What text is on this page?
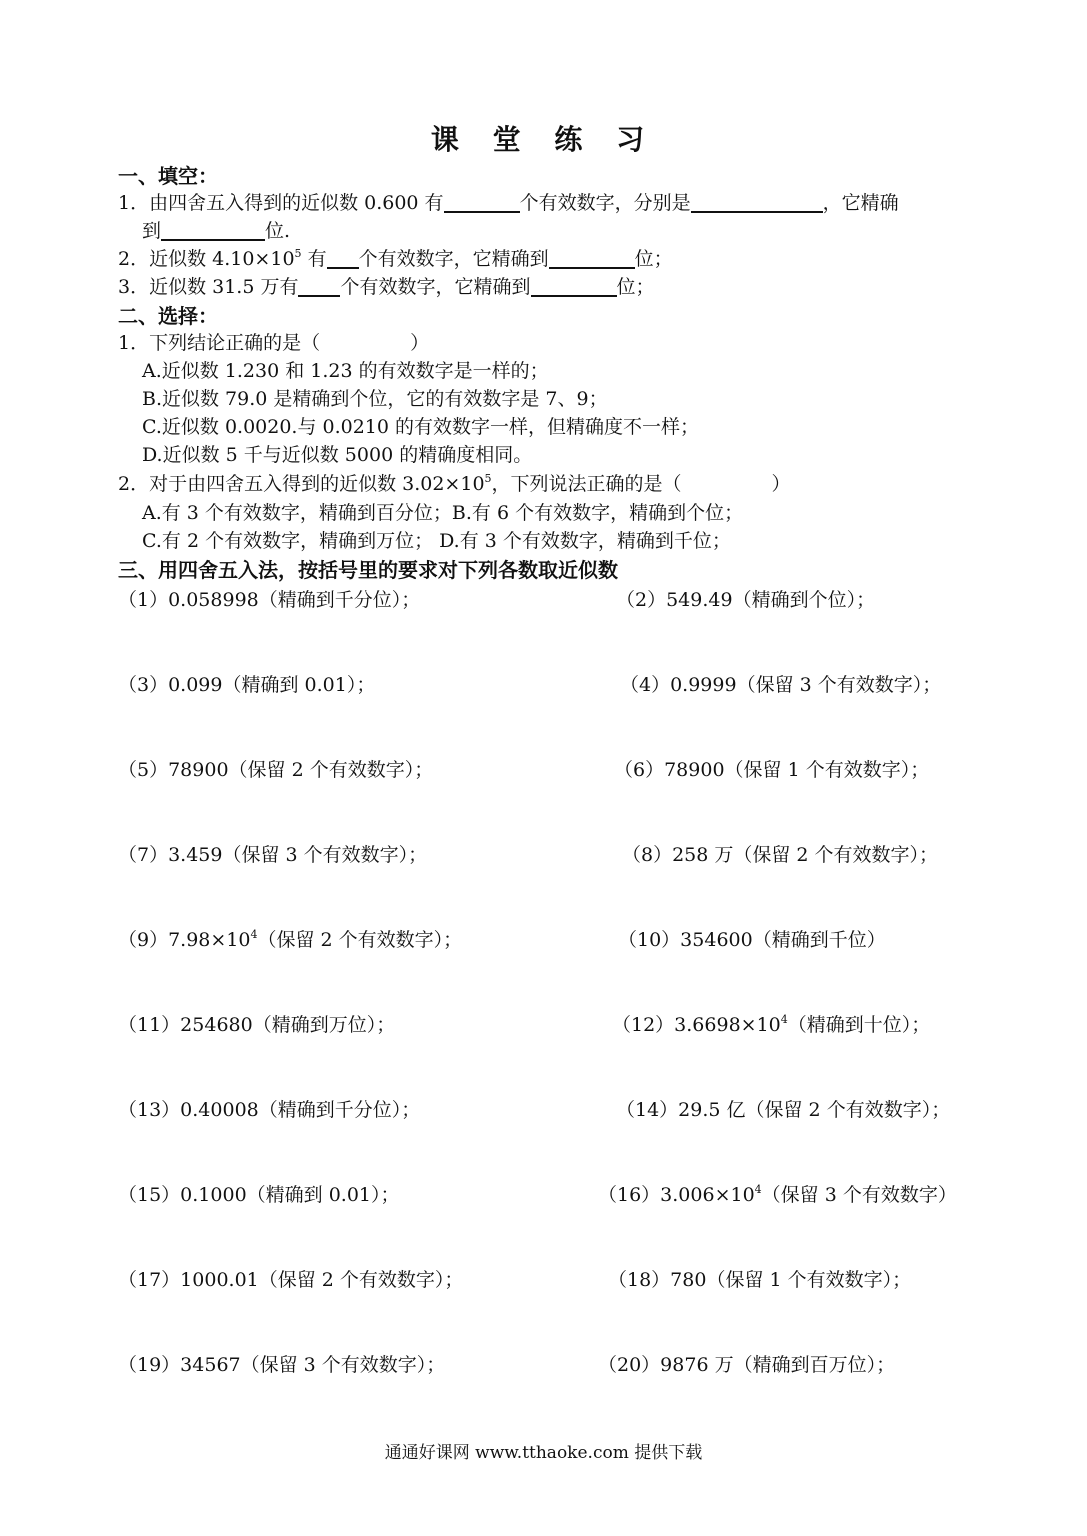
课 堂 练 习
一、填空：
1．由四舍五入得到的近似数 0.600 有	个有效数字，分别是	，它精确
到	位.
2．近似数 $4.10\times 10^5$ 有 个有效数字，它精确到	位；
3．近似数 31.5 万有 个有效数字，它精确到	位；
二、选择：
1．下列结论正确的是（	）
A.近似数 1.230 和 1.23 的有效数字是一样的；
B.近似数 79.0 是精确到个位，它的有效数字是 7、9；
C.近似数 0.0020.与 0.0210 的有效数字一样，但精确度不一样；
D.近似数 5 千与近似数 5000 的精确度相同。
2．对于由四舍五入得到的近似数 $3.02\times 10^5$，下列说法正确的是（	）
A.有 3 个有效数字，精确到百分位；B.有 6 个有效数字，精确到个位；
C.有 2 个有效数字，精确到万位； D.有 3 个有效数字，精确到千位；
三、用四舍五入法，按括号里的要求对下列各数取近似数
（1）0.058998（精确到千分位）；	（2）549.49（精确到个位）；
（3）0.099（精确到 0.01）；	（4）0.9999（保留 3 个有效数字）；
（5）78900（保留 2 个有效数字）；	（6）78900（保留 1 个有效数字）；
（7）3.459（保留 3 个有效数字）；	（8）258 万（保留 2 个有效数字）；
$(9)7.98\times 10^4$（保留 2 个有效数字）；	（10）354600（精确到千位）
（11）254680（精确到万位）；	$(12)3.6698\times 10^4$（精确到十位）；
（13）0.40008（精确到千分位）；	（14）29.5 亿（保留 2 个有效数字）；
（15）0.1000（精确到 0.01）；	$(16)3.006\times 10^4$（保留 3 个有效数字）
（17）1000.01（保留 2 个有效数字）；	（18）780（保留 1 个有效数字）；
（19）34567（保留 3 个有效数字）；	（20）9876 万（精确到百万位）；
通通好课网 www.tthaoke.com 提供下载
